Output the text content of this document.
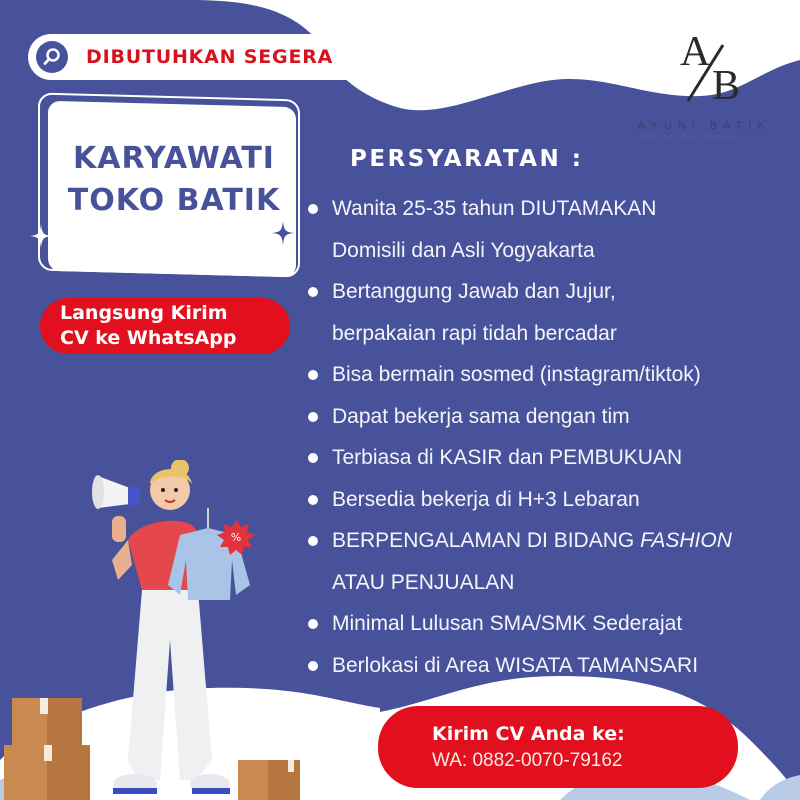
DIBUTUHKAN SEGERA
KARYAWATI
TOKO BATIK
Langsung Kirim
CV ke WhatsApp
A
B
AYUNI BATIK
Batik & Fashion Indonesia
PERSYARATAN :
Wanita 25-35 tahun DIUTAMAKAN
Domisili dan Asli Yogyakarta
Bertanggung Jawab dan Jujur,
berpakaian rapi tidah bercadar
Bisa bermain sosmed (instagram/tiktok)
Dapat bekerja sama dengan tim
Terbiasa di KASIR dan PEMBUKUAN
Bersedia bekerja di H+3 Lebaran
BERPENGALAMAN DI BIDANG FASHION
ATAU PENJUALAN
Minimal Lulusan SMA/SMK Sederajat
Berlokasi di Area WISATA TAMANSARI
%
Kirim CV Anda ke:
WA: 0882-0070-79162
